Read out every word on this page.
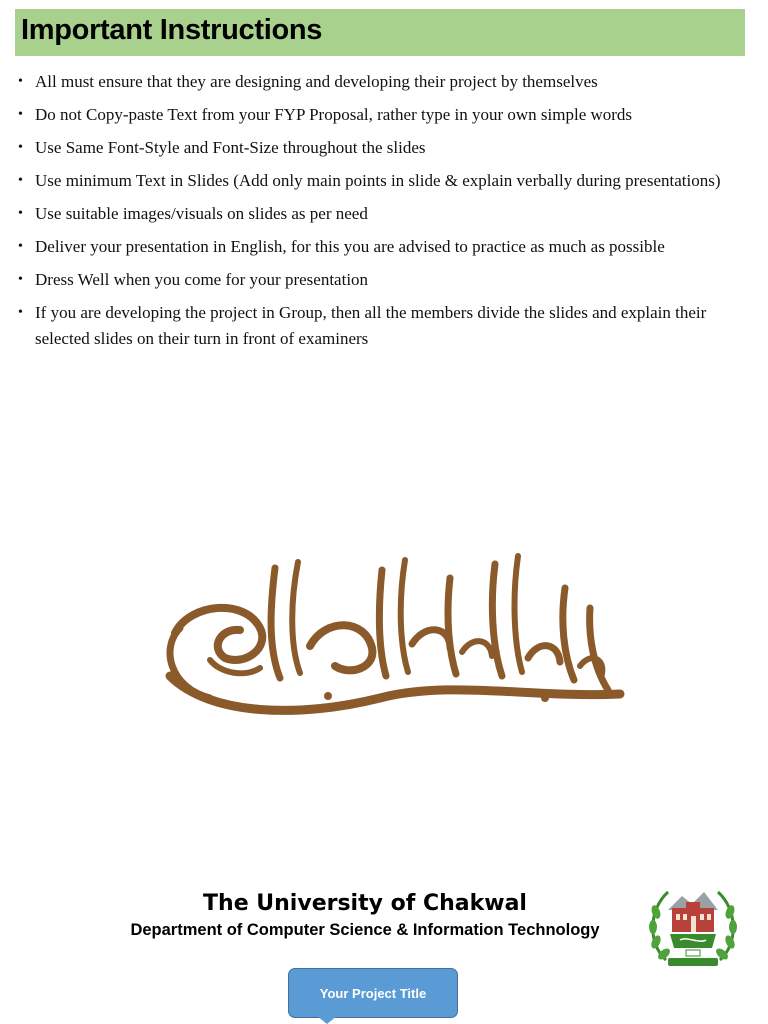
Important Instructions
• All must ensure that they are designing and developing their project by themselves
• Do not Copy-paste Text from your FYP Proposal, rather type in your own simple words
• Use Same Font-Style and Font-Size throughout the slides
• Use minimum Text in Slides (Add only main points in slide & explain verbally during presentations)
• Use suitable images/visuals on slides as per need
• Deliver your presentation in English, for this you are advised to practice as much as possible
• Dress Well when you come for your presentation
• If you are developing the project in Group, then all the members divide the slides and explain their selected slides on their turn in front of examiners
The University of Chakwal
Department of Computer Science & Information Technology
Your Project Title
